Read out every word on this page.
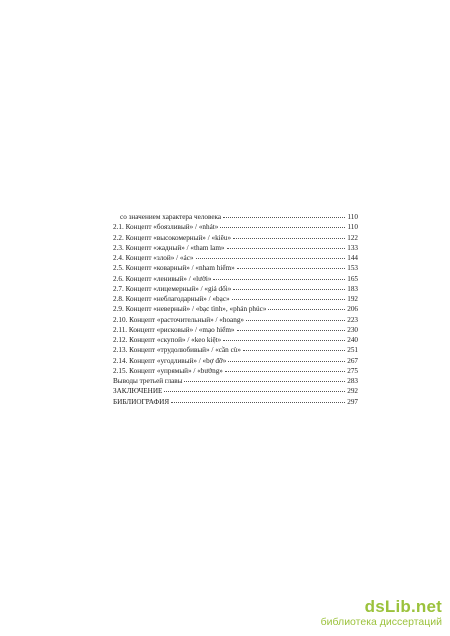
со значением характера человека	110
2.1. Концепт «боязливый» / «nhát»	110
2.2. Концепт «высокомерный» / «kiêu»	122
2.3. Концепт «жадный» / «tham lam»	133
2.4. Концепт «злой» / «ác»	144
2.5. Концепт «коварный» / «nham hiểm»	153
2.6. Концепт «ленивый» / «lười»	165
2.7. Концепт «лицемерный» / «giả dối»	183
2.8. Концепт «неблагодарный» / «bạc»	192
2.9. Концепт «неверный» / «bạc tình», «phản phúc»	206
2.10. Концепт «расточительный» / «hoang»	223
2.11. Концепт «рисковый» / «mạo hiểm»	230
2.12. Концепт «скупой» / «keo kiệt»	240
2.13. Концепт «трудолюбивый» / «cần cù»	251
2.14. Концепт «угодливый» / «bợ đỡ»	267
2.15. Концепт «упрямый» / «bướng»	275
Выводы третьей главы	283
ЗАКЛЮЧЕНИЕ	292
БИБЛИОГРАФИЯ	297
dsLib.net
библиотека диссертаций
